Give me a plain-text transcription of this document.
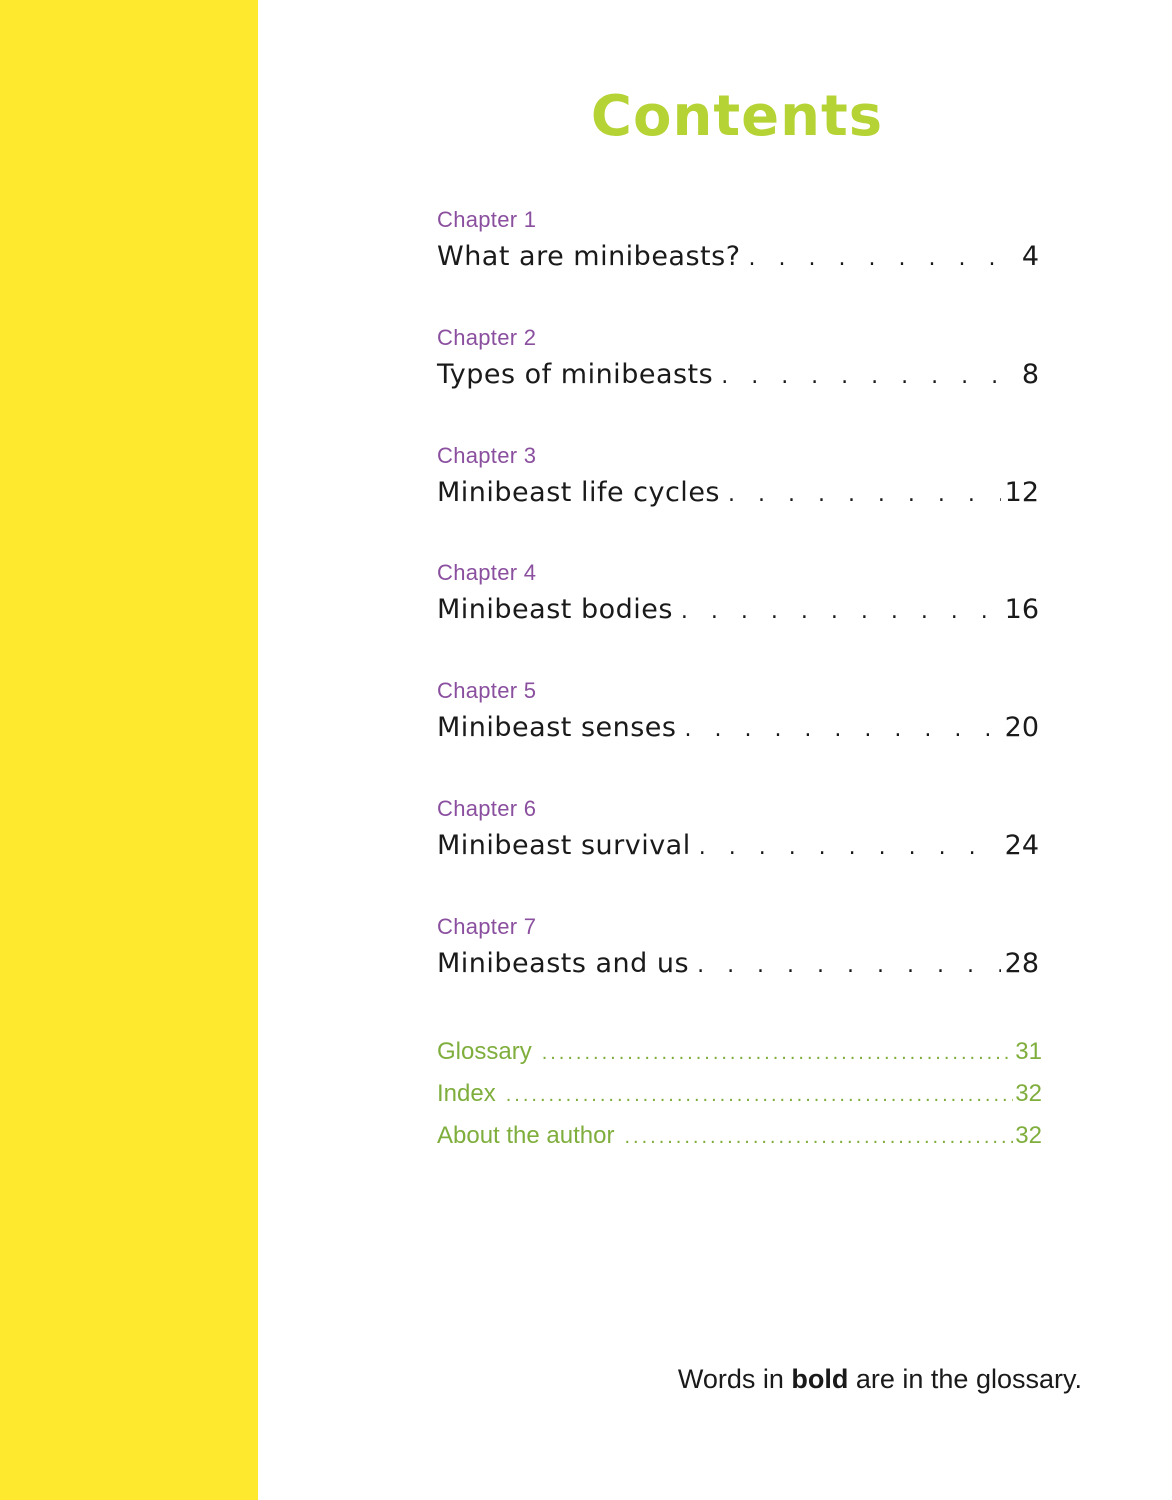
Contents
Chapter 1
What are minibeasts? . . .	4
Chapter 2
Types of minibeasts . . .	8
Chapter 3
Minibeast life cycles . . .	12
Chapter 4
Minibeast bodies . . .	16
Chapter 5
Minibeast senses . . .	20
Chapter 6
Minibeast survival . . .	24
Chapter 7
Minibeasts and us . . .	28
Glossary .....	31
Index .....	32
About the author .....	32
Words in bold are in the glossary.
